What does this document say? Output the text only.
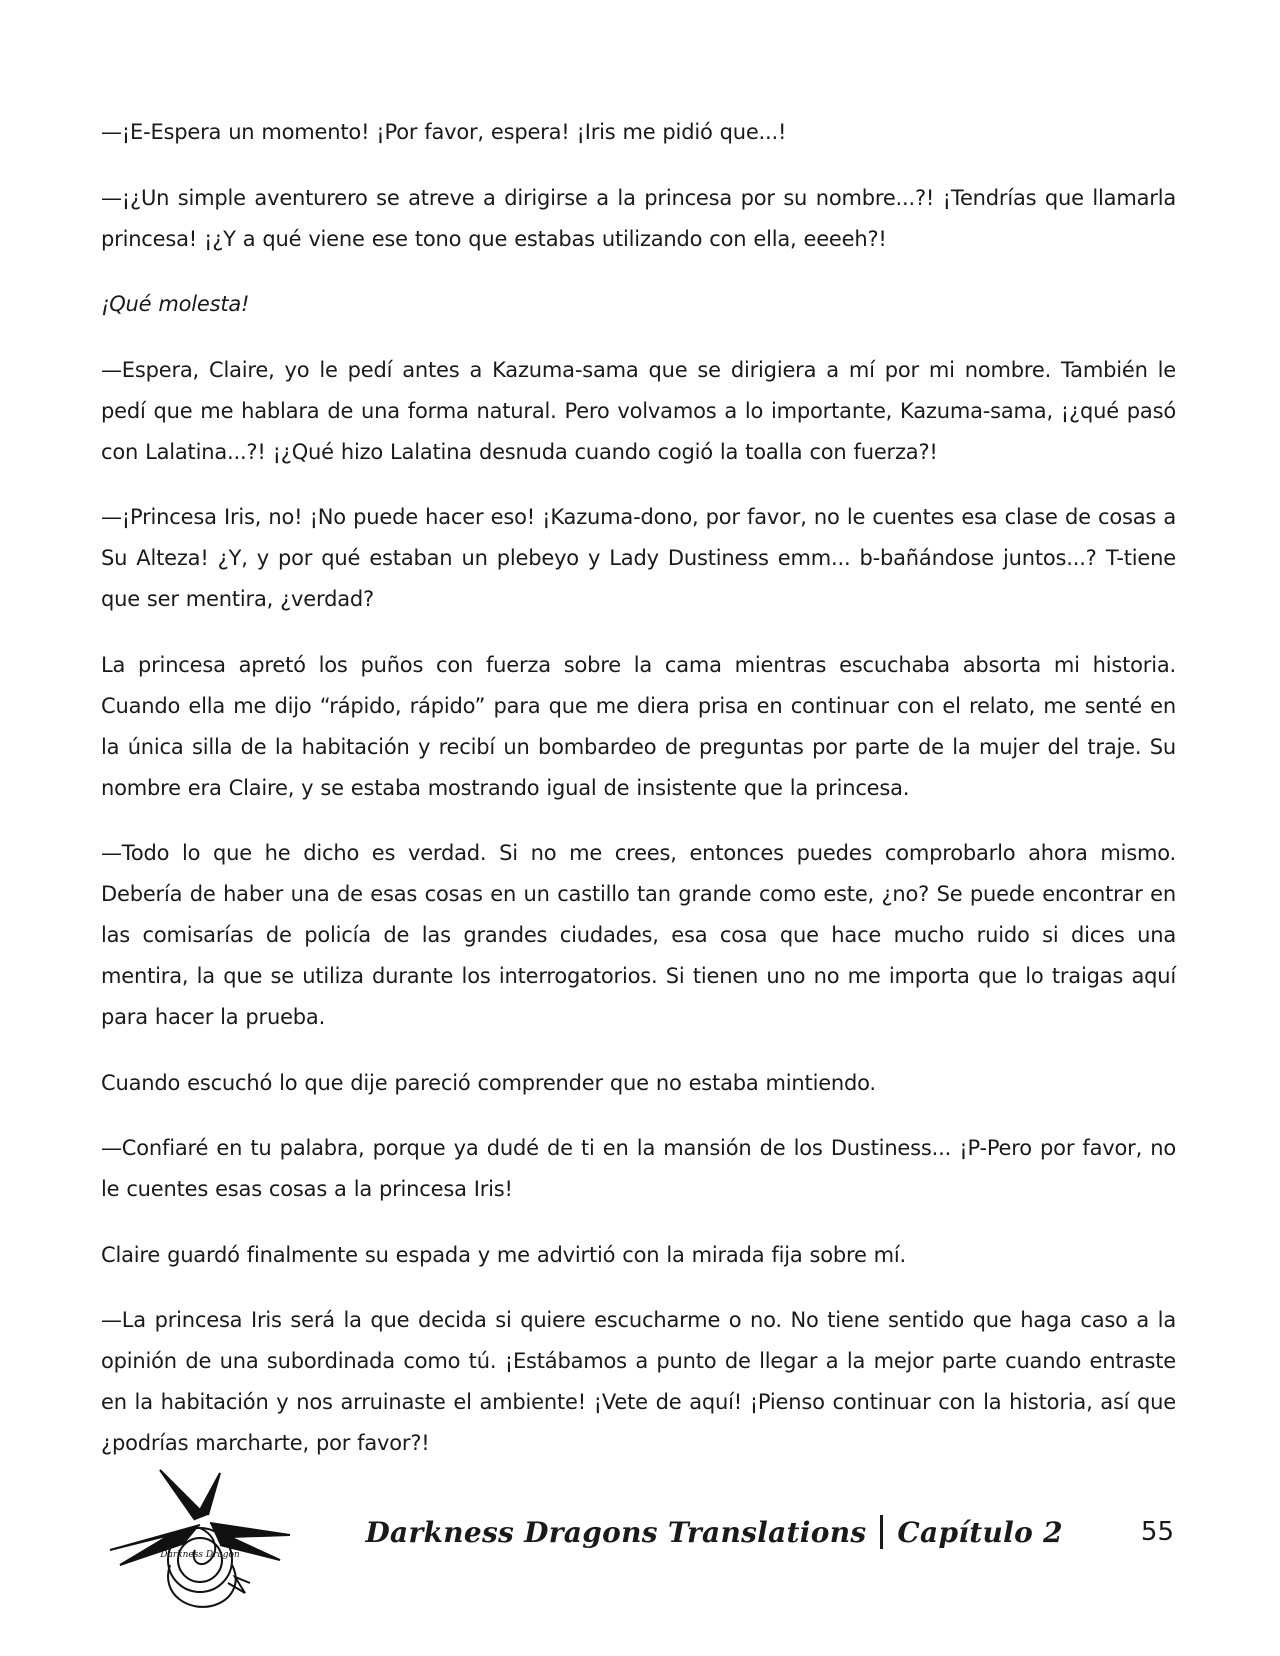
—¡E-Espera un momento! ¡Por favor, espera! ¡Iris me pidió que...!

—¡¿Un simple aventurero se atreve a dirigirse a la princesa por su nombre...?! ¡Tendrías que llamarla princesa! ¡¿Y a qué viene ese tono que estabas utilizando con ella, eeeeh?!

¡Qué molesta!

—Espera, Claire, yo le pedí antes a Kazuma-sama que se dirigiera a mí por mi nombre. También le pedí que me hablara de una forma natural. Pero volvamos a lo importante, Kazuma-sama, ¡¿qué pasó con Lalatina...?! ¡¿Qué hizo Lalatina desnuda cuando cogió la toalla con fuerza?!

—¡Princesa Iris, no! ¡No puede hacer eso! ¡Kazuma-dono, por favor, no le cuentes esa clase de cosas a Su Alteza! ¿Y, y por qué estaban un plebeyo y Lady Dustiness emm... b-bañándose juntos...? T-tiene que ser mentira, ¿verdad?

La princesa apretó los puños con fuerza sobre la cama mientras escuchaba absorta mi historia. Cuando ella me dijo “rápido, rápido” para que me diera prisa en continuar con el relato, me senté en la única silla de la habitación y recibí un bombardeo de preguntas por parte de la mujer del traje. Su nombre era Claire, y se estaba mostrando igual de insistente que la princesa.

—Todo lo que he dicho es verdad. Si no me crees, entonces puedes comprobarlo ahora mismo. Debería de haber una de esas cosas en un castillo tan grande como este, ¿no? Se puede encontrar en las comisarías de policía de las grandes ciudades, esa cosa que hace mucho ruido si dices una mentira, la que se utiliza durante los interrogatorios. Si tienen uno no me importa que lo traigas aquí para hacer la prueba.

Cuando escuchó lo que dije pareció comprender que no estaba mintiendo.

—Confiaré en tu palabra, porque ya dudé de ti en la mansión de los Dustiness... ¡P-Pero por favor, no le cuentes esas cosas a la princesa Iris!

Claire guardó finalmente su espada y me advirtió con la mirada fija sobre mí.

—La princesa Iris será la que decida si quiere escucharme o no. No tiene sentido que haga caso a la opinión de una subordinada como tú. ¡Estábamos a punto de llegar a la mejor parte cuando entraste en la habitación y nos arruinaste el ambiente! ¡Vete de aquí! ¡Pienso continuar con la historia, así que ¿podrías marcharte, por favor?!

Darkness Dragon
Darkness Dragons Translations Capítulo 2	55
